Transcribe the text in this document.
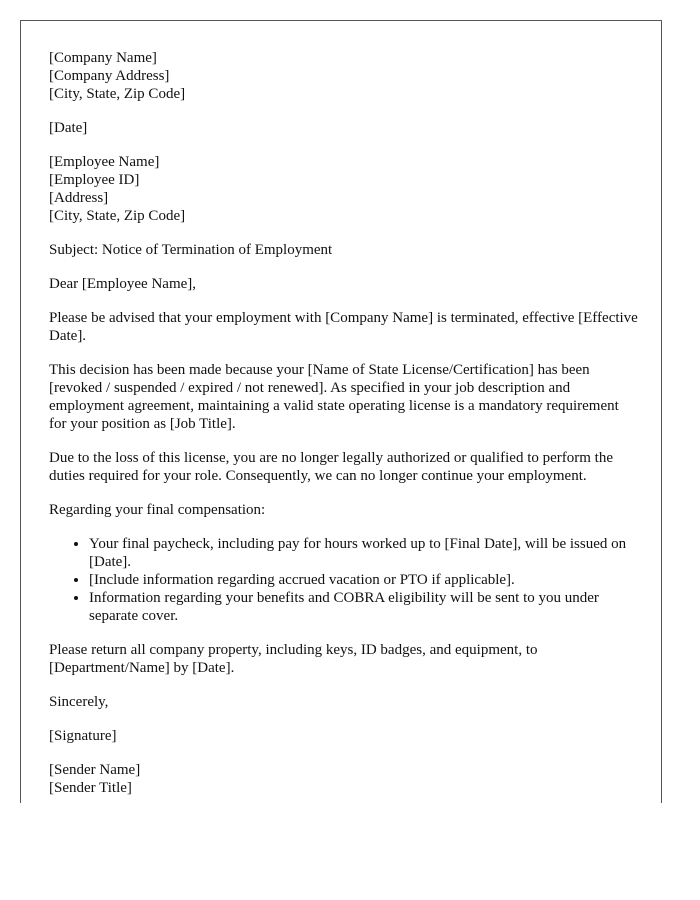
[Company Name]
[Company Address]
[City, State, Zip Code]

[Date]

[Employee Name]
[Employee ID]
[Address]
[City, State, Zip Code]

Subject: Notice of Termination of Employment

Dear [Employee Name],

Please be advised that your employment with [Company Name] is terminated, effective [Effective Date].

This decision has been made because your [Name of State License/Certification] has been [revoked / suspended / expired / not renewed]. As specified in your job description and employment agreement, maintaining a valid state operating license is a mandatory requirement for your position as [Job Title].

Due to the loss of this license, you are no longer legally authorized or qualified to perform the duties required for your role. Consequently, we can no longer continue your employment.

Regarding your final compensation:

• Your final paycheck, including pay for hours worked up to [Final Date], will be issued on [Date].
• [Include information regarding accrued vacation or PTO if applicable].
• Information regarding your benefits and COBRA eligibility will be sent to you under separate cover.

Please return all company property, including keys, ID badges, and equipment, to [Department/Name] by [Date].

Sincerely,

[Signature]

[Sender Name]
[Sender Title]
